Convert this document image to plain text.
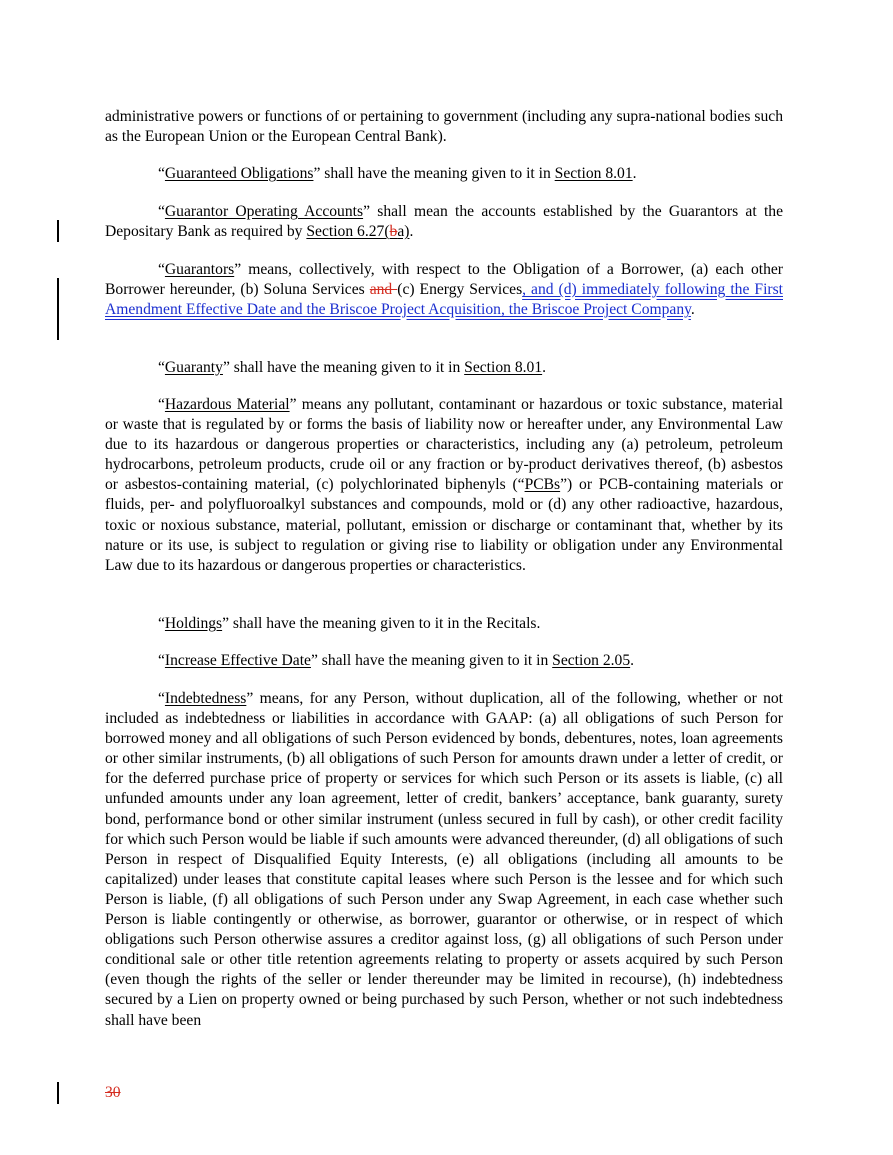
administrative powers or functions of or pertaining to government (including any supra-national bodies such as the European Union or the European Central Bank).

“Guaranteed Obligations” shall have the meaning given to it in Section 8.01.

“Guarantor Operating Accounts” shall mean the accounts established by the Guarantors at the Depositary Bank as required by Section 6.27(ba).

“Guarantors” means, collectively, with respect to the Obligation of a Borrower, (a) each other Borrower hereunder, (b) Soluna Services and (c) Energy Services, and (d) immediately following the First Amendment Effective Date and the Briscoe Project Acquisition, the Briscoe Project Company.

“Guaranty” shall have the meaning given to it in Section 8.01.

“Hazardous Material” means any pollutant, contaminant or hazardous or toxic substance, material or waste that is regulated by or forms the basis of liability now or hereafter under, any Environmental Law due to its hazardous or dangerous properties or characteristics, including any (a) petroleum, petroleum hydrocarbons, petroleum products, crude oil or any fraction or by-product derivatives thereof, (b) asbestos or asbestos-containing material, (c) polychlorinated biphenyls (“PCBs”) or PCB-containing materials or fluids, per- and polyfluoroalkyl substances and compounds, mold or (d) any other radioactive, hazardous, toxic or noxious substance, material, pollutant, emission or discharge or contaminant that, whether by its nature or its use, is subject to regulation or giving rise to liability or obligation under any Environmental Law due to its hazardous or dangerous properties or characteristics.

“Holdings” shall have the meaning given to it in the Recitals.

“Increase Effective Date” shall have the meaning given to it in Section 2.05.

“Indebtedness” means, for any Person, without duplication, all of the following, whether or not included as indebtedness or liabilities in accordance with GAAP: (a) all obligations of such Person for borrowed money and all obligations of such Person evidenced by bonds, debentures, notes, loan agreements or other similar instruments, (b) all obligations of such Person for amounts drawn under a letter of credit, or for the deferred purchase price of property or services for which such Person or its assets is liable, (c) all unfunded amounts under any loan agreement, letter of credit, bankers’ acceptance, bank guaranty, surety bond, performance bond or other similar instrument (unless secured in full by cash), or other credit facility for which such Person would be liable if such amounts were advanced thereunder, (d) all obligations of such Person in respect of Disqualified Equity Interests, (e) all obligations (including all amounts to be capitalized) under leases that constitute capital leases where such Person is the lessee and for which such Person is liable, (f) all obligations of such Person under any Swap Agreement, in each case whether such Person is liable contingently or otherwise, as borrower, guarantor or otherwise, or in respect of which obligations such Person otherwise assures a creditor against loss, (g) all obligations of such Person under conditional sale or other title retention agreements relating to property or assets acquired by such Person (even though the rights of the seller or lender thereunder may be limited in recourse), (h) indebtedness secured by a Lien on property owned or being purchased by such Person, whether or not such indebtedness shall have been

30
